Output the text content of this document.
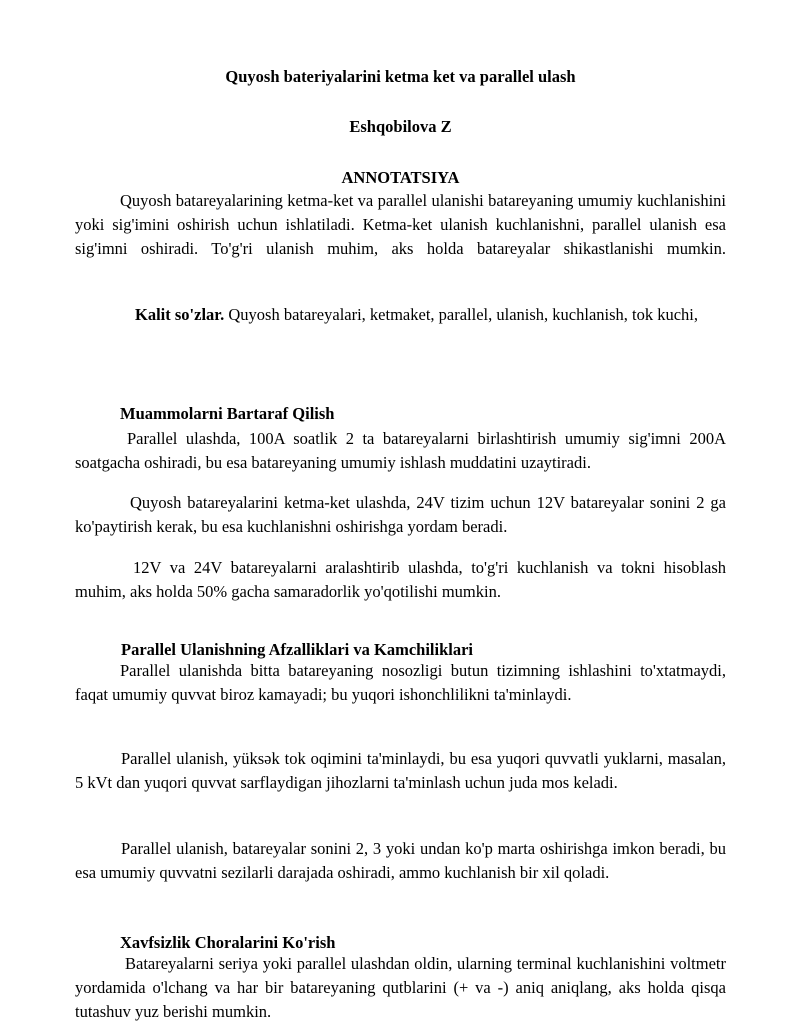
Quyosh bateriyalarini ketma ket va parallel ulash
Eshqobilova Z
ANNOTATSIYA
Quyosh batareyalarining ketma-ket va parallel ulanishi batareyaning umumiy kuchlanishini yoki sig'imini oshirish uchun ishlatiladi. Ketma-ket ulanish kuchlanishni, parallel ulanish esa sig'imni oshiradi. To'g'ri ulanish muhim, aks holda batareyalar shikastlanishi mumkin.
Kalit so'zlar. Quyosh batareyalari, ketmaket, parallel, ulanish, kuchlanish, tok kuchi,
Muammolarni Bartaraf Qilish
Parallel ulashda, 100A soatlik 2 ta batareyalarni birlashtirish umumiy sig'imni 200A soatgacha oshiradi, bu esa batareyaning umumiy ishlash muddatini uzaytiradi.
Quyosh batareyalarini ketma-ket ulashda, 24V tizim uchun 12V batareyalar sonini 2 ga ko'paytirish kerak, bu esa kuchlanishni oshirishga yordam beradi.
12V va 24V batareyalarni aralashtirib ulashda, to'g'ri kuchlanish va tokni hisoblash muhim, aks holda 50% gacha samaradorlik yo'qotilishi mumkin.
Parallel Ulanishning Afzalliklari va Kamchiliklari
Parallel ulanishda bitta batareyaning nosozligi butun tizimning ishlashini to'xtatmaydi, faqat umumiy quvvat biroz kamayadi; bu yuqori ishonchlilikni ta'minlaydi.
Parallel ulanish, yüksək tok oqimini ta'minlaydi, bu esa yuqori quvvatli yuklarni, masalan, 5 kVt dan yuqori quvvat sarflaydigan jihozlarni ta'minlash uchun juda mos keladi.
Parallel ulanish, batareyalar sonini 2, 3 yoki undan ko'p marta oshirishga imkon beradi, bu esa umumiy quvvatni sezilarli darajada oshiradi, ammo kuchlanish bir xil qoladi.
Xavfsizlik Choralarini Ko'rish
Batareyalarni seriya yoki parallel ulashdan oldin, ularning terminal kuchlanishini voltmetr yordamida o'lchang va har bir batareyaning qutblarini (+ va -) aniq aniqlang, aks holda qisqa tutashuv yuz berishi mumkin.
